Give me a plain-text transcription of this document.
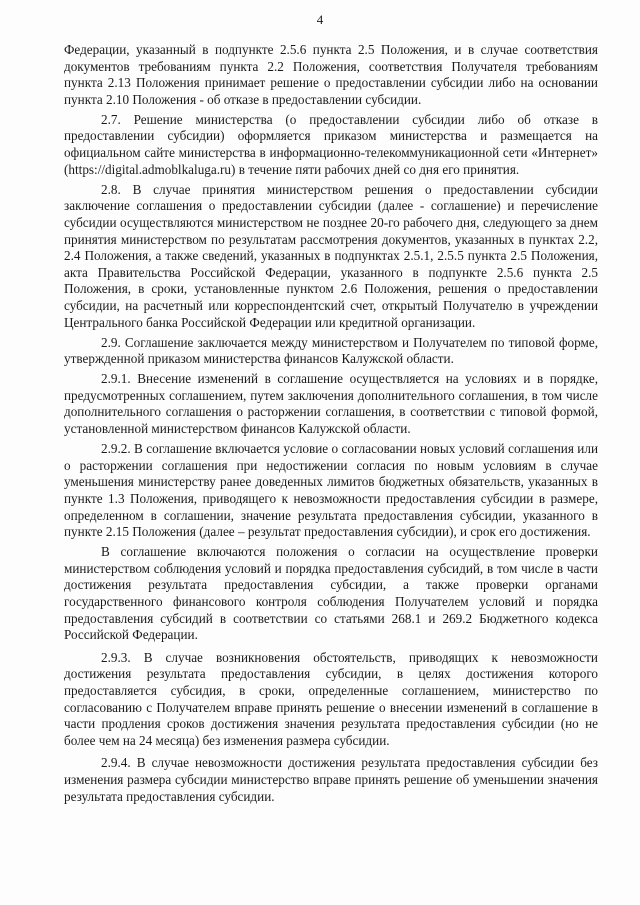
4

Федерации, указанный в подпункте 2.5.6 пункта 2.5 Положения, и в случае соответствия документов требованиям пункта 2.2 Положения, соответствия Получателя требованиям пункта 2.13 Положения принимает решение о предоставлении субсидии либо на основании пункта 2.10 Положения - об отказе в предоставлении субсидии.

2.7. Решение министерства (о предоставлении субсидии либо об отказе в предоставлении субсидии) оформляется приказом министерства и размещается на официальном сайте министерства в информационно-телекоммуникационной сети «Интернет» (https://digital.admoblkaluga.ru) в течение пяти рабочих дней со дня его принятия.

2.8. В случае принятия министерством решения о предоставлении субсидии заключение соглашения о предоставлении субсидии (далее - соглашение) и перечисление субсидии осуществляются министерством не позднее 20-го рабочего дня, следующего за днем принятия министерством по результатам рассмотрения документов, указанных в пунктах 2.2, 2.4 Положения, а также сведений, указанных в подпунктах 2.5.1, 2.5.5 пункта 2.5 Положения, акта Правительства Российской Федерации, указанного в подпункте 2.5.6 пункта 2.5 Положения, в сроки, установленные пунктом 2.6 Положения, решения о предоставлении субсидии, на расчетный или корреспондентский счет, открытый Получателю в учреждении Центрального банка Российской Федерации или кредитной организации.

2.9. Соглашение заключается между министерством и Получателем по типовой форме, утвержденной приказом министерства финансов Калужской области.

2.9.1. Внесение изменений в соглашение осуществляется на условиях и в порядке, предусмотренных соглашением, путем заключения дополнительного соглашения, в том числе дополнительного соглашения о расторжении соглашения, в соответствии с типовой формой, установленной министерством финансов Калужской области.

2.9.2. В соглашение включается условие о согласовании новых условий соглашения или о расторжении соглашения при недостижении согласия по новым условиям в случае уменьшения министерству ранее доведенных лимитов бюджетных обязательств, указанных в пункте 1.3 Положения, приводящего к невозможности предоставления субсидии в размере, определенном в соглашении, значение результата предоставления субсидии, указанного в пункте 2.15 Положения (далее – результат предоставления субсидии), и срок его достижения.

В соглашение включаются положения о согласии на осуществление проверки министерством соблюдения условий и порядка предоставления субсидий, в том числе в части достижения результата предоставления субсидии, а также проверки органами государственного финансового контроля соблюдения Получателем условий и порядка предоставления субсидий в соответствии со статьями 268.1 и 269.2 Бюджетного кодекса Российской Федерации.

2.9.3. В случае возникновения обстоятельств, приводящих к невозможности достижения результата предоставления субсидии, в целях достижения которого предоставляется субсидия, в сроки, определенные соглашением, министерство по согласованию с Получателем вправе принять решение о внесении изменений в соглашение в части продления сроков достижения значения результата предоставления субсидии (но не более чем на 24 месяца) без изменения размера субсидии.

2.9.4. В случае невозможности достижения результата предоставления субсидии без изменения размера субсидии министерство вправе принять решение об уменьшении значения результата предоставления субсидии.
